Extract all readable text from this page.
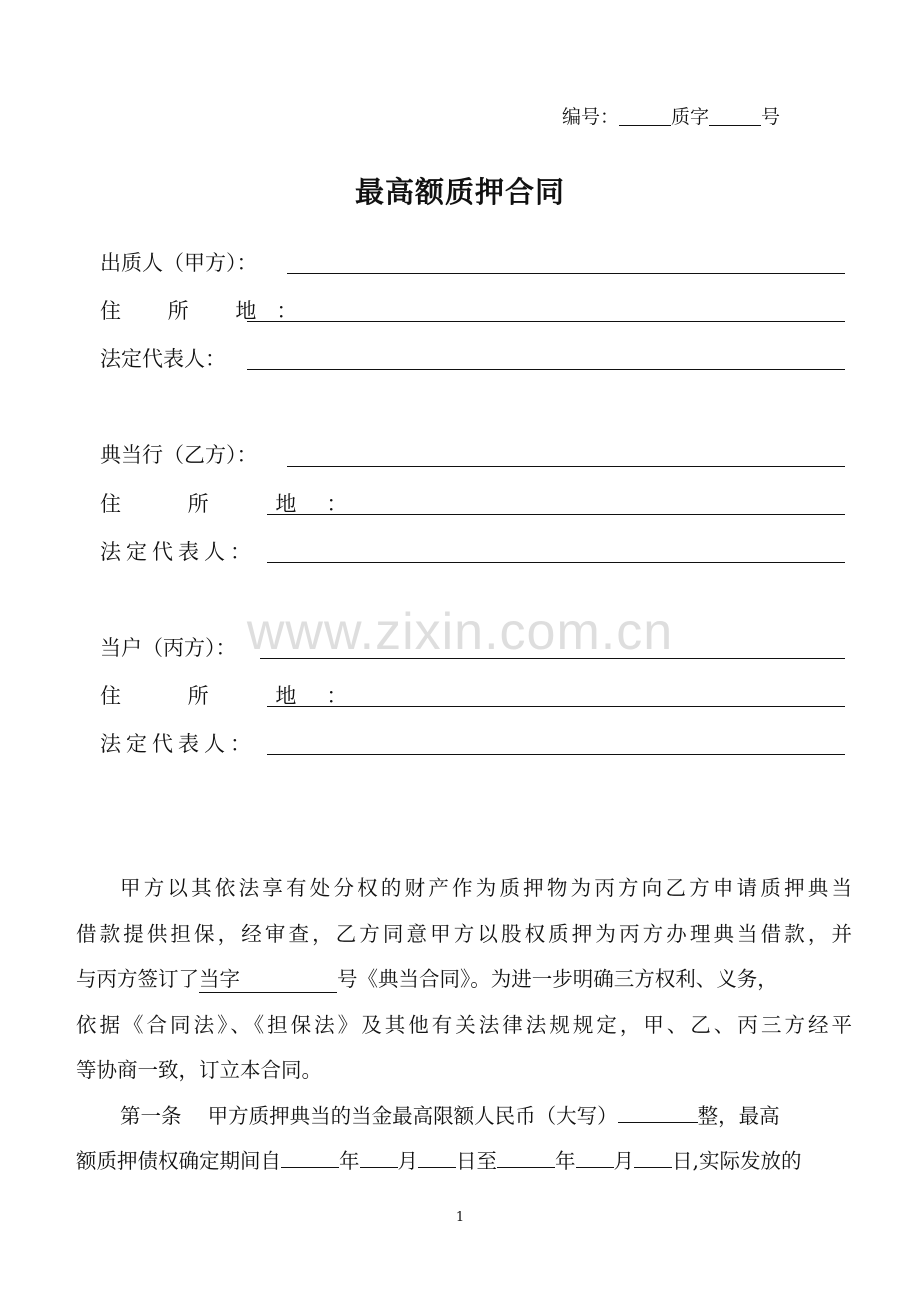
编号：	质字	号
最高额质押合同
出质人（甲方）：
住 所 地：
法定代表人：
典当行（乙方）：
住 所 地：
法定代表人：
www.zixin.com.cn
当户（丙方）：
住 所 地：
法定代表人：
甲方以其依法享有处分权的财产作为质押物为丙方向乙方申请质押典当
借款提供担保，经审查，乙方同意甲方以股权质押为丙方办理典当借款，并
与丙方签订了当字	号《典当合同》。为进一步明确三方权利、义务，
依据《合同法》、《担保法》及其他有关法律法规规定，甲、乙、丙三方经平
等协商一致，订立本合同。
第一条    甲方质押典当的当金最高限额人民币（大写）	整，最高
额质押债权确定期间自	年 月 日至	年 月 日,实际发放的
1
